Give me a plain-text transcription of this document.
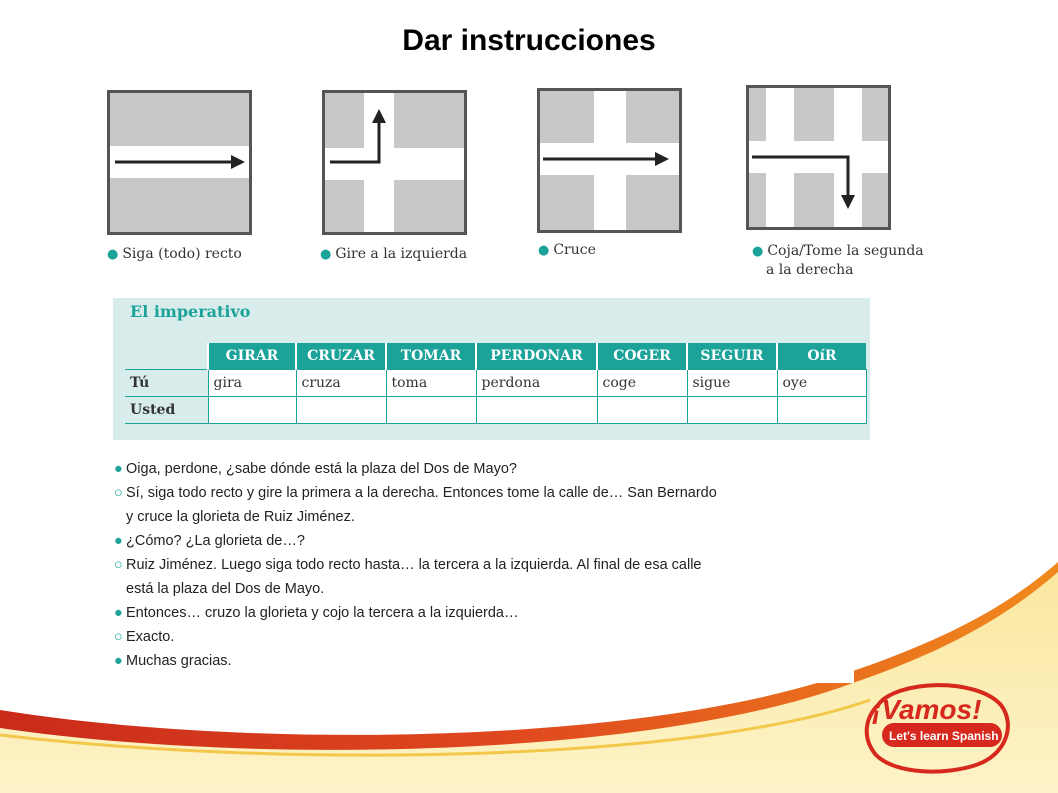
Dar instrucciones
● Siga (todo) recto	● Gire a la izquierda	● Cruce	● Coja/Tome la segunda
a la derecha
El imperativo
	GIRAR	CRUZAR	TOMAR	PERDONAR	COGER	SEGUIR	OíR
Tú	gira	cruza	toma	perdona	coge	sigue	oye
Usted							
● Oiga, perdone, ¿sabe dónde está la plaza del Dos de Mayo?
○ Sí, siga todo recto y gire la primera a la derecha. Entonces tome la calle de… San Bernardo
y cruce la glorieta de Ruiz Jiménez.
● ¿Cómo? ¿La glorieta de…?
○ Ruiz Jiménez. Luego siga todo recto hasta… la tercera a la izquierda. Al final de esa calle
está la plaza del Dos de Mayo.
● Entonces… cruzo la glorieta y cojo la tercera a la izquierda…
○ Exacto.
● Muchas gracias.
¡Vamos!
Let's learn Spanish
